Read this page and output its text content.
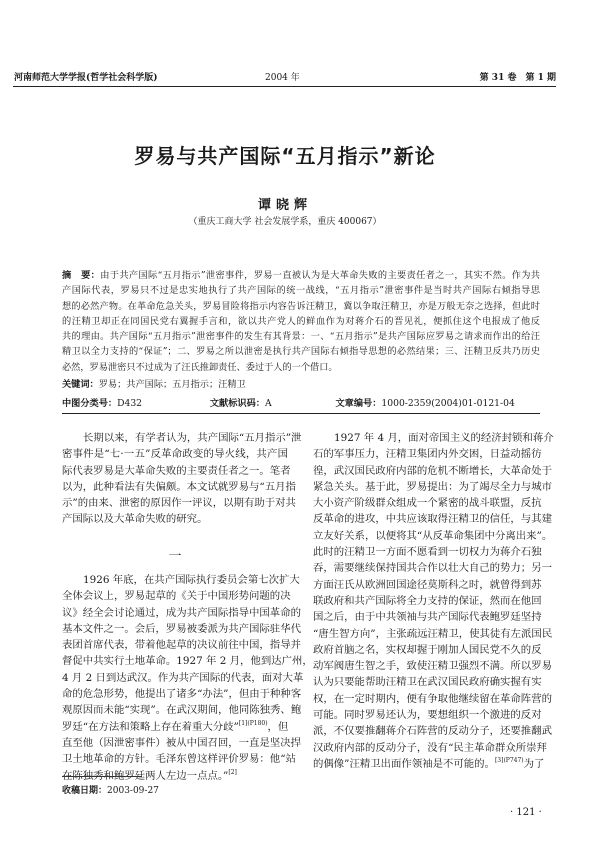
河南师范大学学报(哲学社会科学版)	2004 年	第 31 卷　第 1 期
罗易与共产国际“五月指示”新论
谭晓辉
（重庆工商大学 社会发展学系，重庆 400067）
摘　要：由于共产国际“五月指示”泄密事件，罗易一直被认为是大革命失败的主要责任者之一，其实不然。作为共
产国际代表，罗易只不过是忠实地执行了共产国际的统一战线，“五月指示”泄密事件是当时共产国际右倾指导思
想的必然产物。在革命危急关头，罗易冒险将指示内容告诉汪精卫，冀以争取汪精卫，亦是万般无奈之选择，但此时
的汪精卫却正在同国民党右翼握手言和，欲以共产党人的鲜血作为对蒋介石的晋见礼，便抓住这个电报成了他反
共的理由。共产国际“五月指示”泄密事件的发生有其背景：一、“五月指示”是共产国际应罗易之请求而作出的给汪
精卫以全力支持的“保证”；二、罗易之所以泄密是执行共产国际右倾指导思想的必然结果；三、汪精卫反共乃历史
必然，罗易泄密只不过成为了汪氏推卸责任、委过于人的一个借口。
关键词：罗易；共产国际；五月指示；汪精卫
中图分类号：D432	文献标识码：A	文章编号：1000-2359(2004)01-0121-04
长期以来，有学者认为，共产国际“五月指示”泄
密事件是“七·一五”反革命政变的导火线，共产国
际代表罗易是大革命失败的主要责任者之一。笔者
以为，此种看法有失偏颇。本文试就罗易与“五月指
示”的由来、泄密的原因作一评议，以期有助于对共
产国际以及大革命失败的研究。
一
1926 年底，在共产国际执行委员会第七次扩大
全体会议上，罗易起草的《关于中国形势问题的决
议》经全会讨论通过，成为共产国际指导中国革命的
基本文件之一。会后，罗易被委派为共产国际驻华代
表团首席代表，带着他起草的决议前往中国，指导并
督促中共实行土地革命。1927 年 2 月，他到达广州，
4 月 2 日到达武汉。作为共产国际的代表，面对大革
命的危急形势，他提出了诸多“办法”，但由于种种客
观原因而未能“实现”。在武汉期间，他同陈独秀、鲍
罗廷“在方法和策略上存在着重大分歧”$^{[1](P180)}$，但
直至他（因泄密事件）被从中国召回，一直是坚决捍
卫土地革命的方针。毛泽东曾这样评价罗易：他“站
在陈独秀和鲍罗廷两人左边一点点。”[2]
1927 年 4 月，面对帝国主义的经济封锁和蒋介
石的军事压力，汪精卫集团内外交困，日益动摇彷
徨，武汉国民政府内部的危机不断增长，大革命处于
紧急关头。基于此，罗易提出：为了竭尽全力与城市
大小资产阶级群众组成一个紧密的战斗联盟，反抗
反革命的进攻，中共应该取得汪精卫的信任，与其建
立友好关系，以便将其“从反革命集团中分离出来”。
此时的汪精卫一方面不愿看到一切权力为蒋介石独
吞，需要继续保持国共合作以壮大自己的势力；另一
方面汪氏从欧洲回国途径莫斯科之时，就曾得到苏
联政府和共产国际将全力支持的保证，然而在他回
国之后，由于中共领袖与共产国际代表鲍罗廷坚持
“唐生智方向”，主张疏远汪精卫，使其徒有左派国民
政府首脑之名，实权却握于刚加人国民党不久的反
动军阀唐生智之手，致使汪精卫强烈不满。所以罗易
认为只要能帮助汪精卫在武汉国民政府确实握有实
权，在一定时期内，便有争取他继续留在革命阵营的
可能。同时罗易还认为，要想组织一个激进的反对
派，不仅要推翻蒋介石阵营的反动分子，还要推翻武
汉政府内部的反动分子，没有“民主革命群众所崇拜
的偶像”汪精卫出面作领袖是不可能的。$^{[3](P747)}$为了
收稿日期：2003-09-27
· 121 ·
